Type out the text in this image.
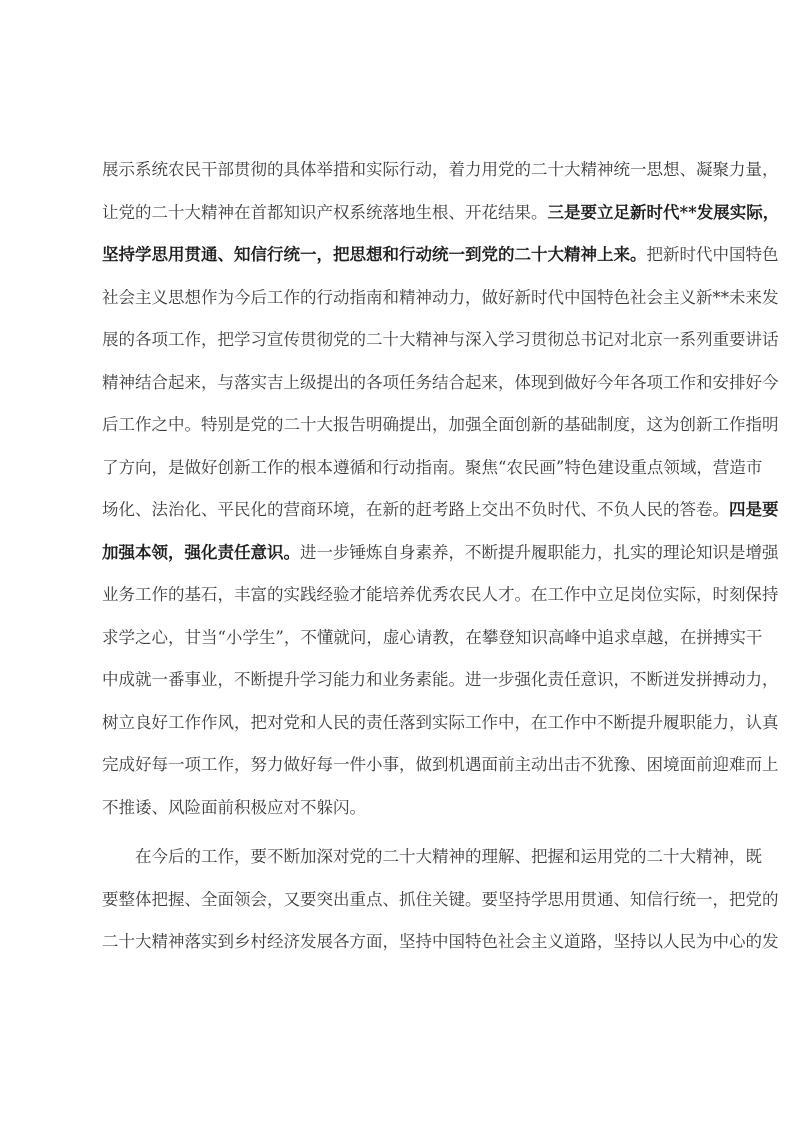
展示系统农民干部贯彻的具体举措和实际行动，着力用党的二十大精神统一思想、凝聚力量，
让党的二十大精神在首都知识产权系统落地生根、开花结果。三是要立足新时代**发展实际，
坚持学思用贯通、知信行统一，把思想和行动统一到党的二十大精神上来。把新时代中国特色
社会主义思想作为今后工作的行动指南和精神动力，做好新时代中国特色社会主义新**未来发
展的各项工作，把学习宣传贯彻党的二十大精神与深入学习贯彻总书记对北京一系列重要讲话
精神结合起来，与落实吉上级提出的各项任务结合起来，体现到做好今年各项工作和安排好今
后工作之中。特别是党的二十大报告明确提出，加强全面创新的基础制度，这为创新工作指明
了方向，是做好创新工作的根本遵循和行动指南。聚焦“农民画”特色建设重点领域，营造市
场化、法治化、平民化的营商环境，在新的赶考路上交出不负时代、不负人民的答卷。四是要
加强本领，强化责任意识。进一步锤炼自身素养，不断提升履职能力，扎实的理论知识是增强
业务工作的基石，丰富的实践经验才能培养优秀农民人才。在工作中立足岗位实际，时刻保持
求学之心，甘当“小学生”，不懂就问，虚心请教，在攀登知识高峰中追求卓越，在拼搏实干
中成就一番事业，不断提升学习能力和业务素能。进一步强化责任意识，不断迸发拼搏动力，
树立良好工作作风，把对党和人民的责任落到实际工作中，在工作中不断提升履职能力，认真
完成好每一项工作，努力做好每一件小事，做到机遇面前主动出击不犹豫、困境面前迎难而上
不推诿、风险面前积极应对不躲闪。
在今后的工作，要不断加深对党的二十大精神的理解、把握和运用党的二十大精神，既
要整体把握、全面领会，又要突出重点、抓住关键。要坚持学思用贯通、知信行统一，把党的
二十大精神落实到乡村经济发展各方面，坚持中国特色社会主义道路，坚持以人民为中心的发
